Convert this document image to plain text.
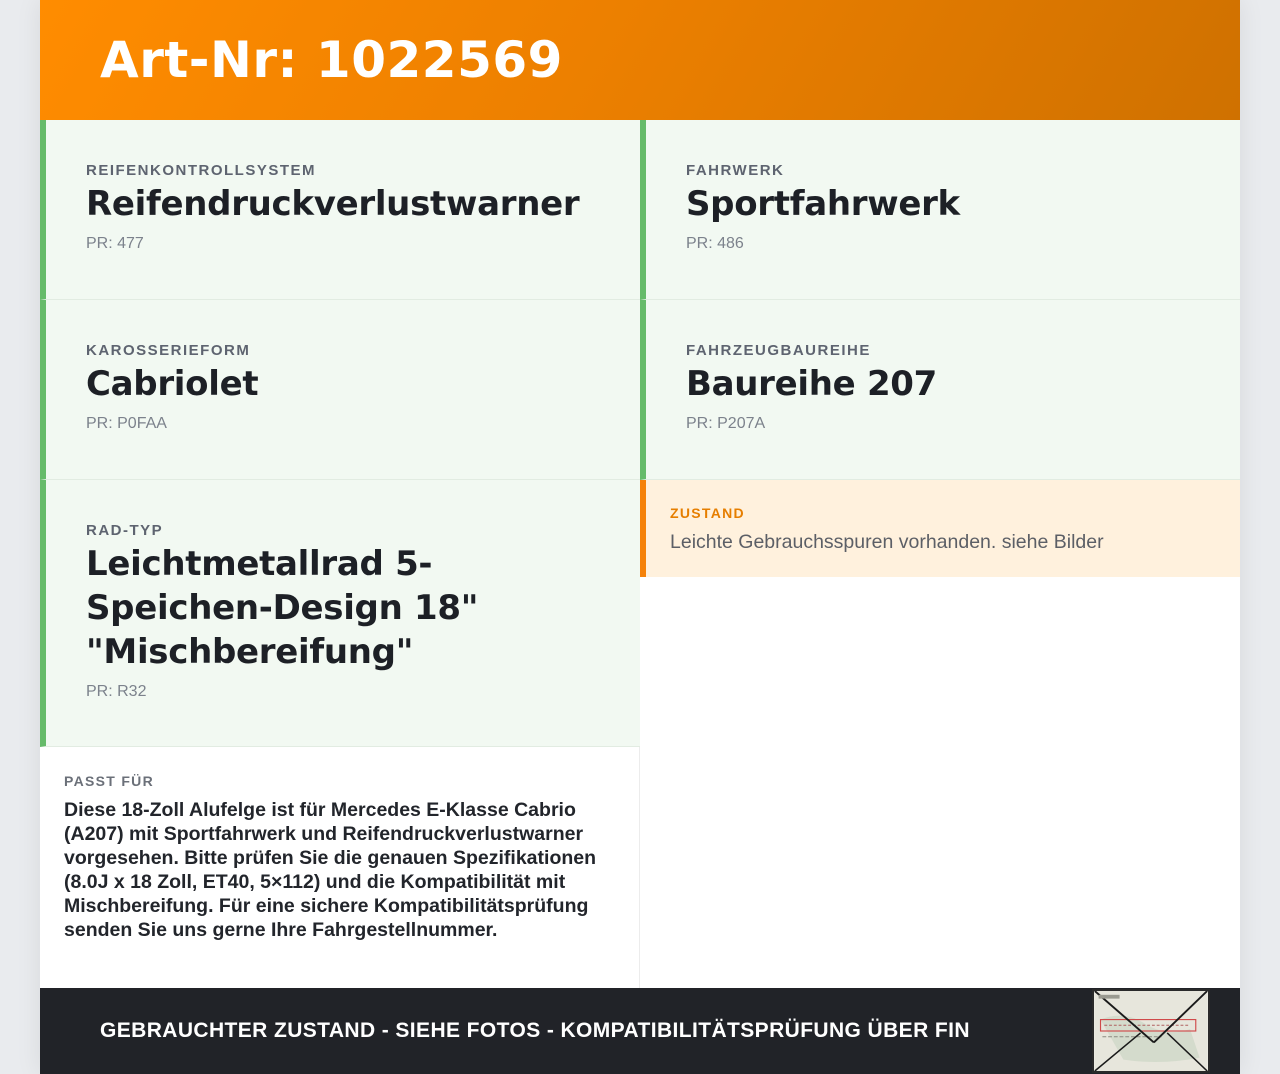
Art-Nr: 1022569
REIFENKONTROLLSYSTEM
Reifendruckverlustwarner
PR: 477
KAROSSERIEFORM
Cabriolet
PR: P0FAA
RAD-TYP
Leichtmetallrad 5-Speichen-Design 18" "Mischbereifung"
PR: R32
PASST FÜR
Diese 18-Zoll Alufelge ist für Mercedes E-Klasse Cabrio (A207) mit Sportfahrwerk und Reifendruckverlustwarner vorgesehen. Bitte prüfen Sie die genauen Spezifikationen (8.0J x 18 Zoll, ET40, 5×112) und die Kompatibilität mit Mischbereifung. Für eine sichere Kompatibilitätsprüfung senden Sie uns gerne Ihre Fahrgestellnummer.
FAHRWERK
Sportfahrwerk
PR: 486
FAHRZEUGBAUREIHE
Baureihe 207
PR: P207A
ZUSTAND
Leichte Gebrauchsspuren vorhanden. siehe Bilder
GEBRAUCHTER ZUSTAND - SIEHE FOTOS - KOMPATIBILITÄTSPRÜFUNG ÜBER FIN
